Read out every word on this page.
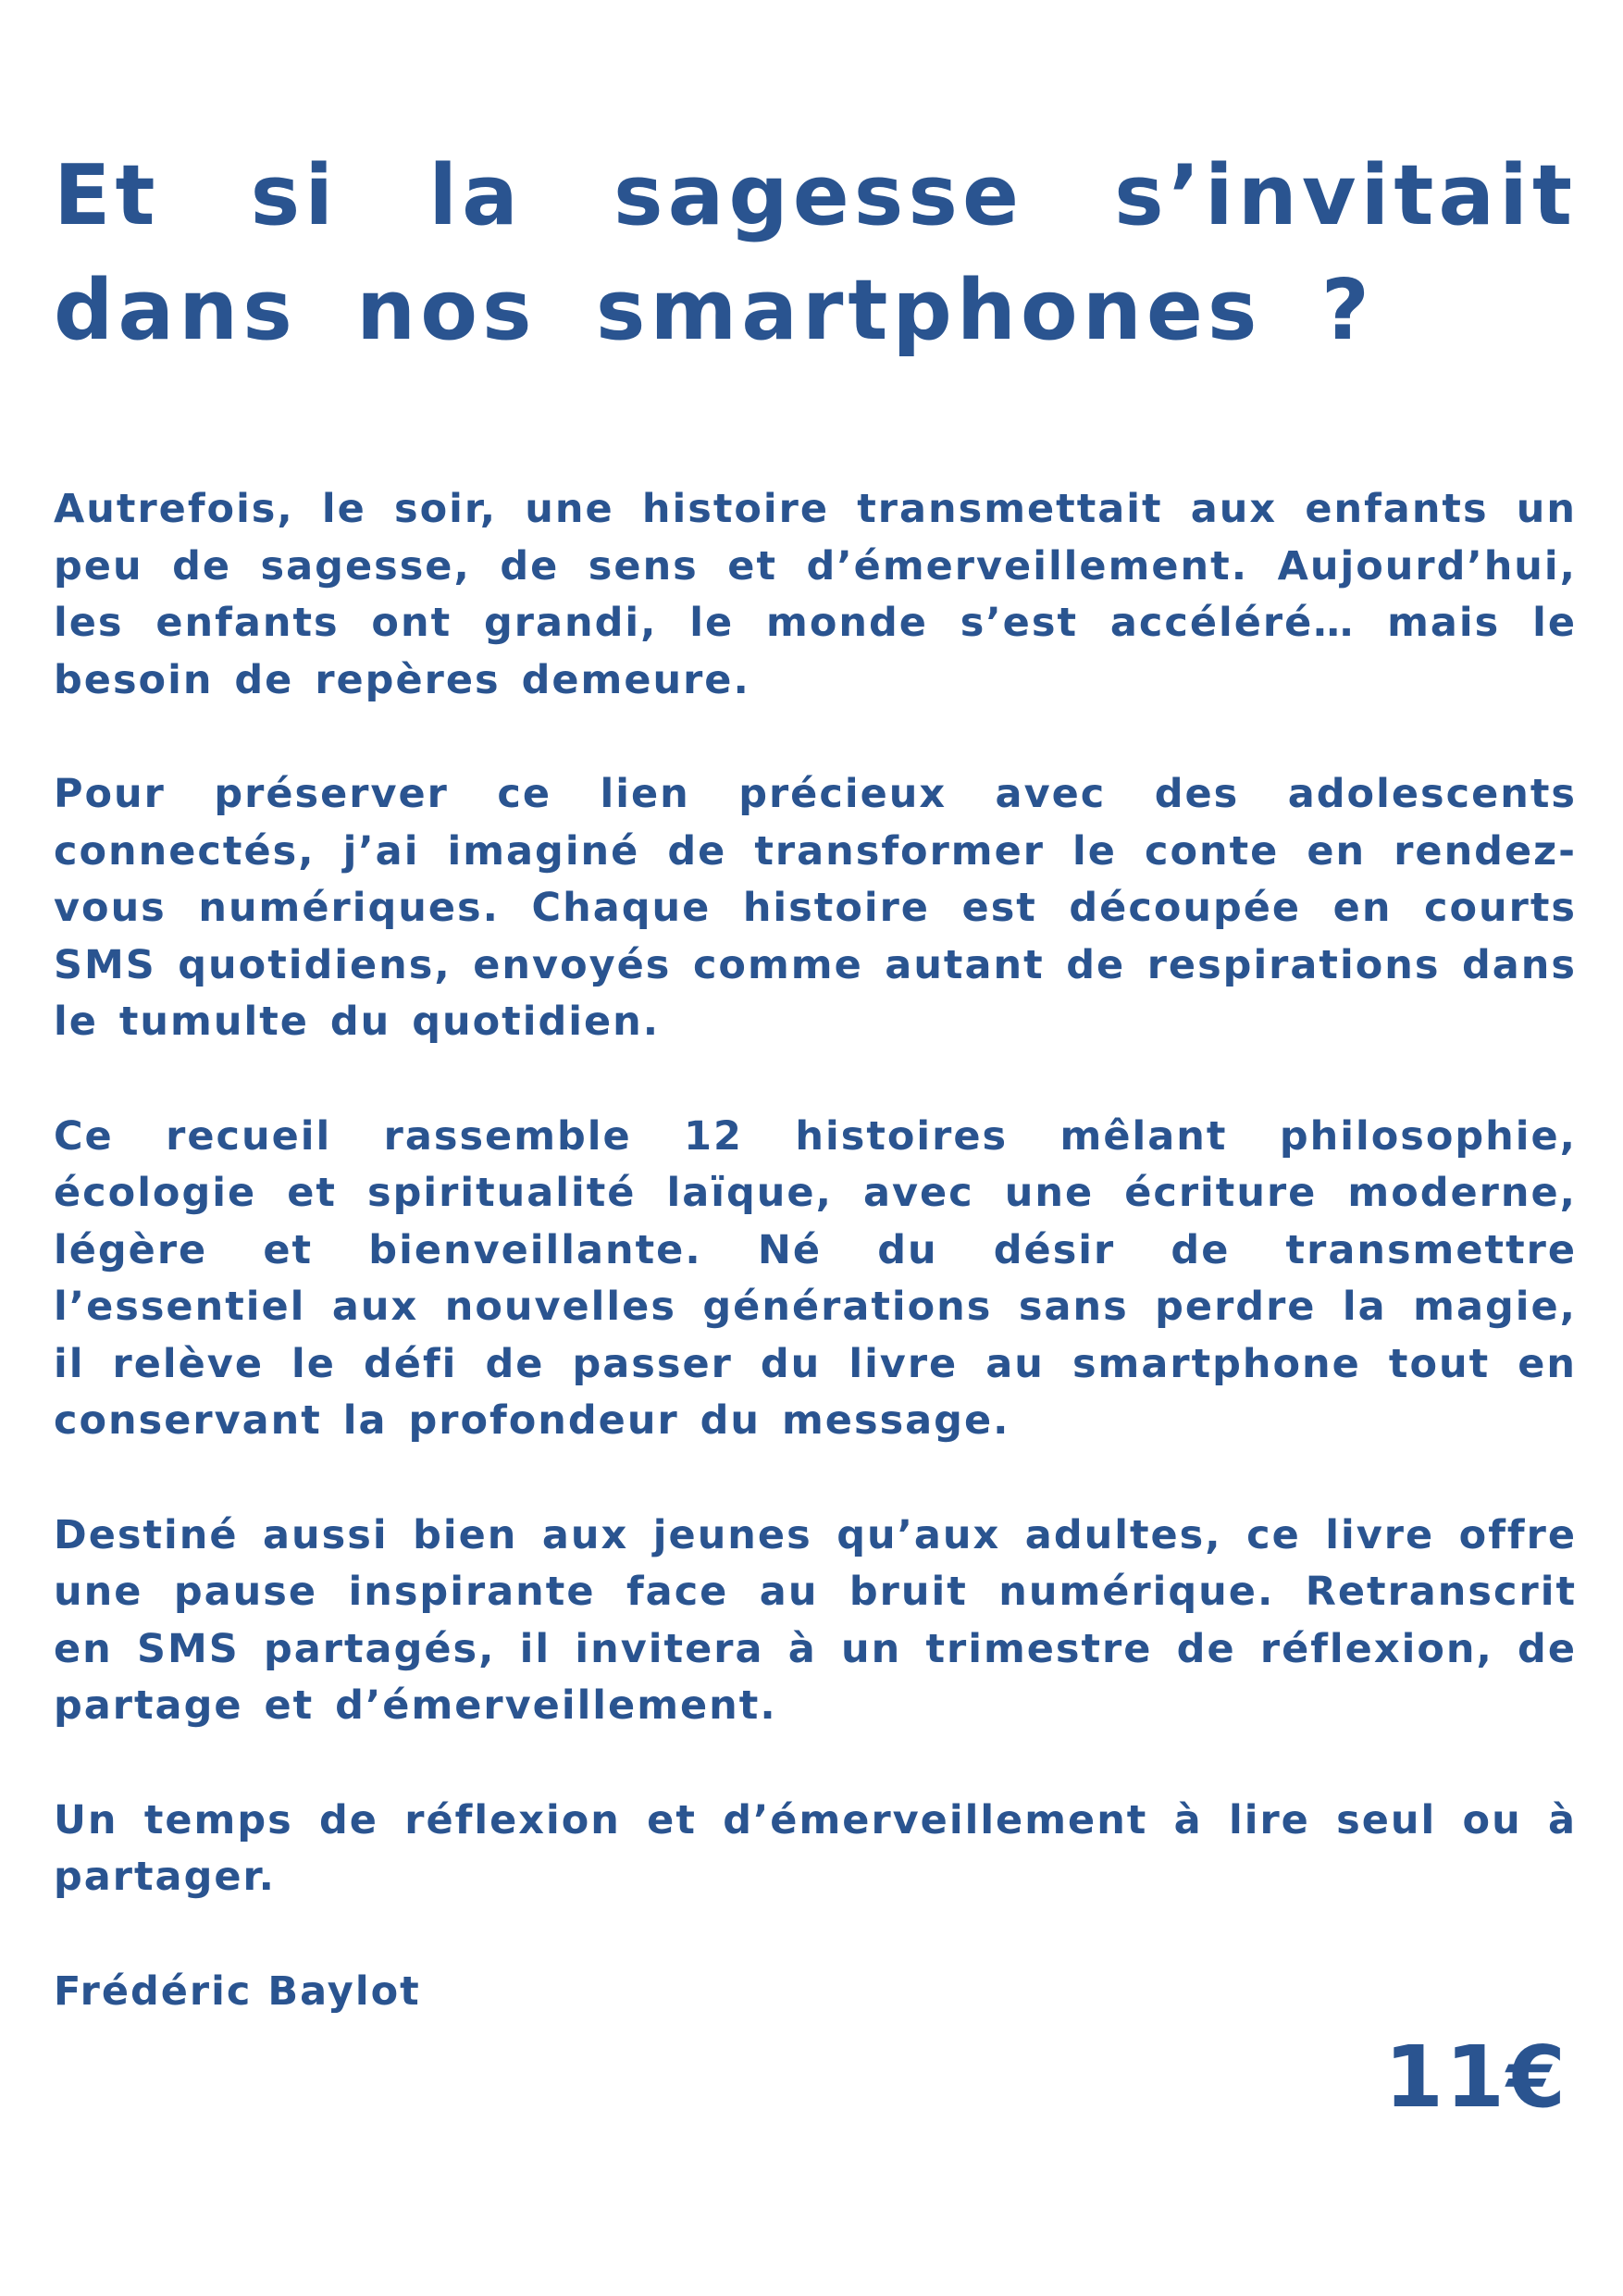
Et si la sagesse s’invitait dans nos smartphones ?

Autrefois, le soir, une histoire transmettait aux enfants un peu de sagesse, de sens et d’émerveillement. Aujourd’hui, les enfants ont grandi, le monde s’est accéléré… mais le besoin de repères demeure.

Pour préserver ce lien précieux avec des adolescents connectés, j’ai imaginé de transformer le conte en rendez-vous numériques. Chaque histoire est découpée en courts SMS quotidiens, envoyés comme autant de respirations dans le tumulte du quotidien.

Ce recueil rassemble 12 histoires mêlant philosophie, écologie et spiritualité laïque, avec une écriture moderne, légère et bienveillante. Né du désir de transmettre l’essentiel aux nouvelles générations sans perdre la magie, il relève le défi de passer du livre au smartphone tout en conservant la profondeur du message.

Destiné aussi bien aux jeunes qu’aux adultes, ce livre offre une pause inspirante face au bruit numérique. Retranscrit en SMS partagés, il invitera à un trimestre de réflexion, de partage et d’émerveillement.

Un temps de réflexion et d’émerveillement à lire seul ou à partager.

Frédéric Baylot

11€
